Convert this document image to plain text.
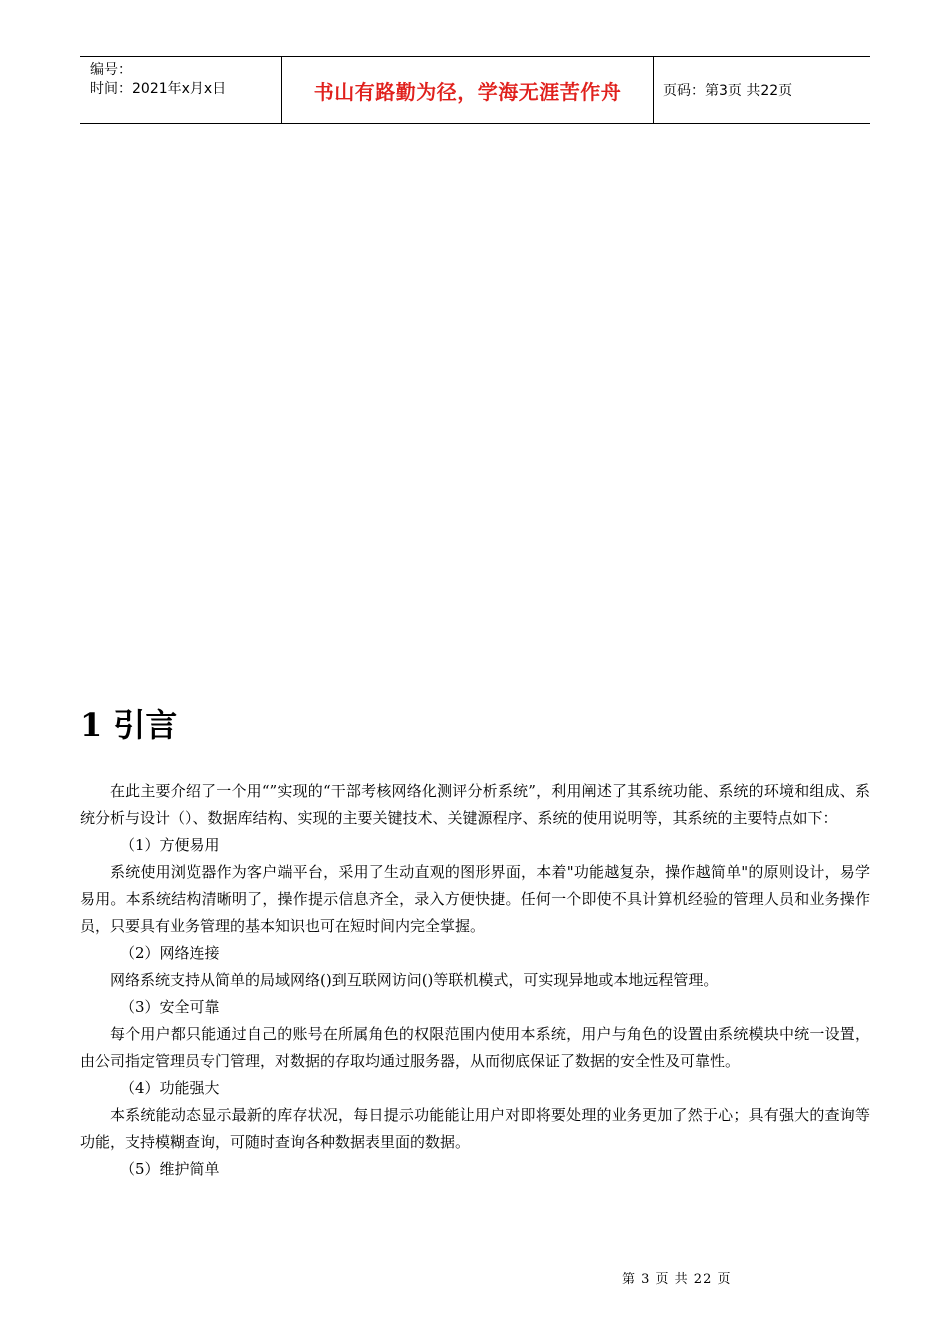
编号：
时间：2021年x月x日	书山有路勤为径，学海无涯苦作舟	页码：第3页 共22页
1 引言

在此主要介绍了一个用“”实现的“干部考核网络化测评分析系统”，利用阐述了其系统功能、系统的环境和组成、系统分析与设计（）、数据库结构、实现的主要关键技术、关键源程序、系统的使用说明等，其系统的主要特点如下：

（1）方便易用

系统使用浏览器作为客户端平台，采用了生动直观的图形界面，本着"功能越复杂，操作越简单"的原则设计，易学易用。本系统结构清晰明了，操作提示信息齐全，录入方便快捷。任何一个即使不具计算机经验的管理人员和业务操作员，只要具有业务管理的基本知识也可在短时间内完全掌握。

（2）网络连接

网络系统支持从简单的局域网络()到互联网访问()等联机模式，可实现异地或本地远程管理。

（3）安全可靠

每个用户都只能通过自己的账号在所属角色的权限范围内使用本系统，用户与角色的设置由系统模块中统一设置，由公司指定管理员专门管理，对数据的存取均通过服务器，从而彻底保证了数据的安全性及可靠性。

（4）功能强大

本系统能动态显示最新的库存状况，每日提示功能能让用户对即将要处理的业务更加了然于心；具有强大的查询等功能，支持模糊查询，可随时查询各种数据表里面的数据。

（5）维护简单

第 3 页 共 22 页
